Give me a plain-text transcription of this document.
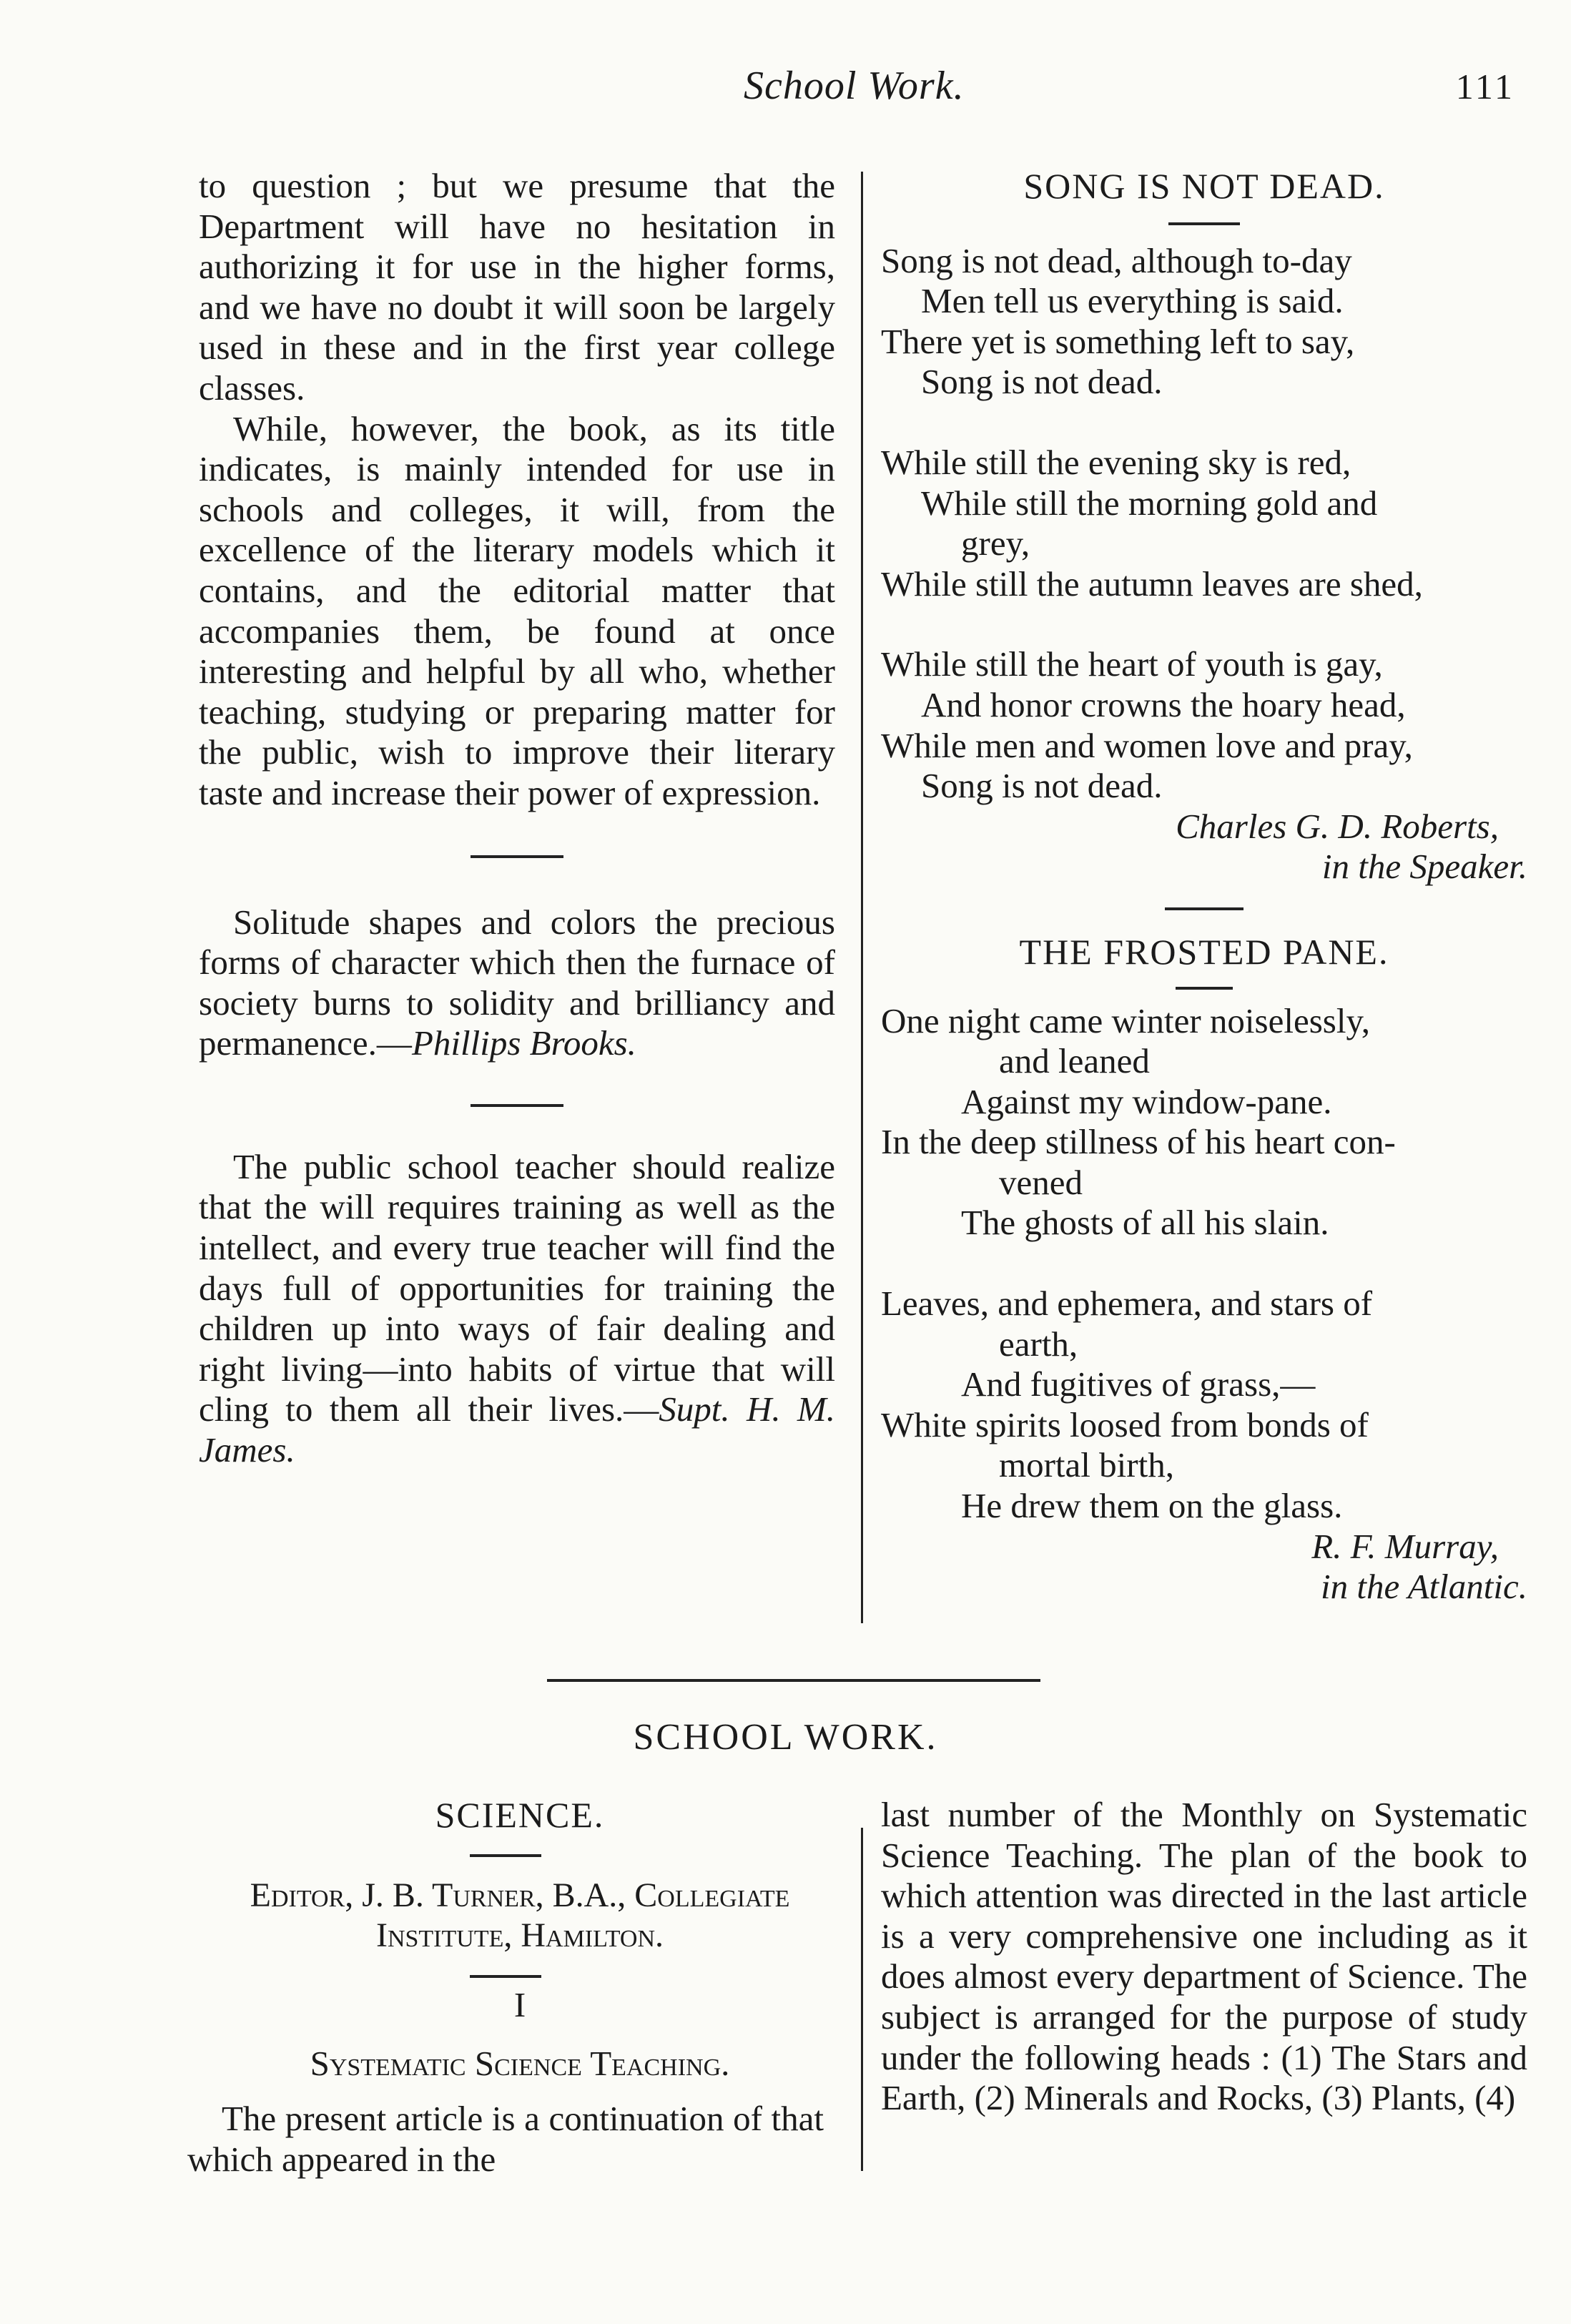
School Work.	111

to question ; but we presume that the Department will have no hesitation in authorizing it for use in the higher forms, and we have no doubt it will soon be largely used in these and in the first year college classes.

While, however, the book, as its title indicates, is mainly intended for use in schools and colleges, it will, from the excellence of the literary models which it contains, and the editorial matter that accompanies them, be found at once interesting and helpful by all who, whether teaching, studying or preparing matter for the public, wish to improve their literary taste and increase their power of expression.

Solitude shapes and colors the precious forms of character which then the furnace of society burns to solidity and brilliancy and permanence.—Phillips Brooks.

The public school teacher should realize that the will requires training as well as the intellect, and every true teacher will find the days full of opportunities for training the children up into ways of fair dealing and right living—into habits of virtue that will cling to them all their lives.—Supt. H. M. James.

SONG IS NOT DEAD.
Song is not dead, although to-day
Men tell us everything is said.
There yet is something left to say,
Song is not dead.
While still the evening sky is red,
While still the morning gold and
grey,
While still the autumn leaves are shed,
While still the heart of youth is gay,
And honor crowns the hoary head,
While men and women love and pray,
Song is not dead.
Charles G. D. Roberts,
in the Speaker.
THE FROSTED PANE.
One night came winter noiselessly,
and leaned
Against my window-pane.
In the deep stillness of his heart con-
vened
The ghosts of all his slain.
Leaves, and ephemera, and stars of
earth,
And fugitives of grass,—
White spirits loosed from bonds of
mortal birth,
He drew them on the glass.
R. F. Murray,
in the Atlantic.
SCHOOL WORK.
SCIENCE.
Editor, J. B. Turner, B.A., Collegiate Institute, Hamilton.
I
Systematic Science Teaching.

The present article is a continuation of that which appeared in the

last number of the Monthly on Systematic Science Teaching. The plan of the book to which attention was directed in the last article is a very comprehensive one including as it does almost every department of Science. The subject is arranged for the purpose of study under the following heads : (1) The Stars and Earth, (2) Minerals and Rocks, (3) Plants, (4)
